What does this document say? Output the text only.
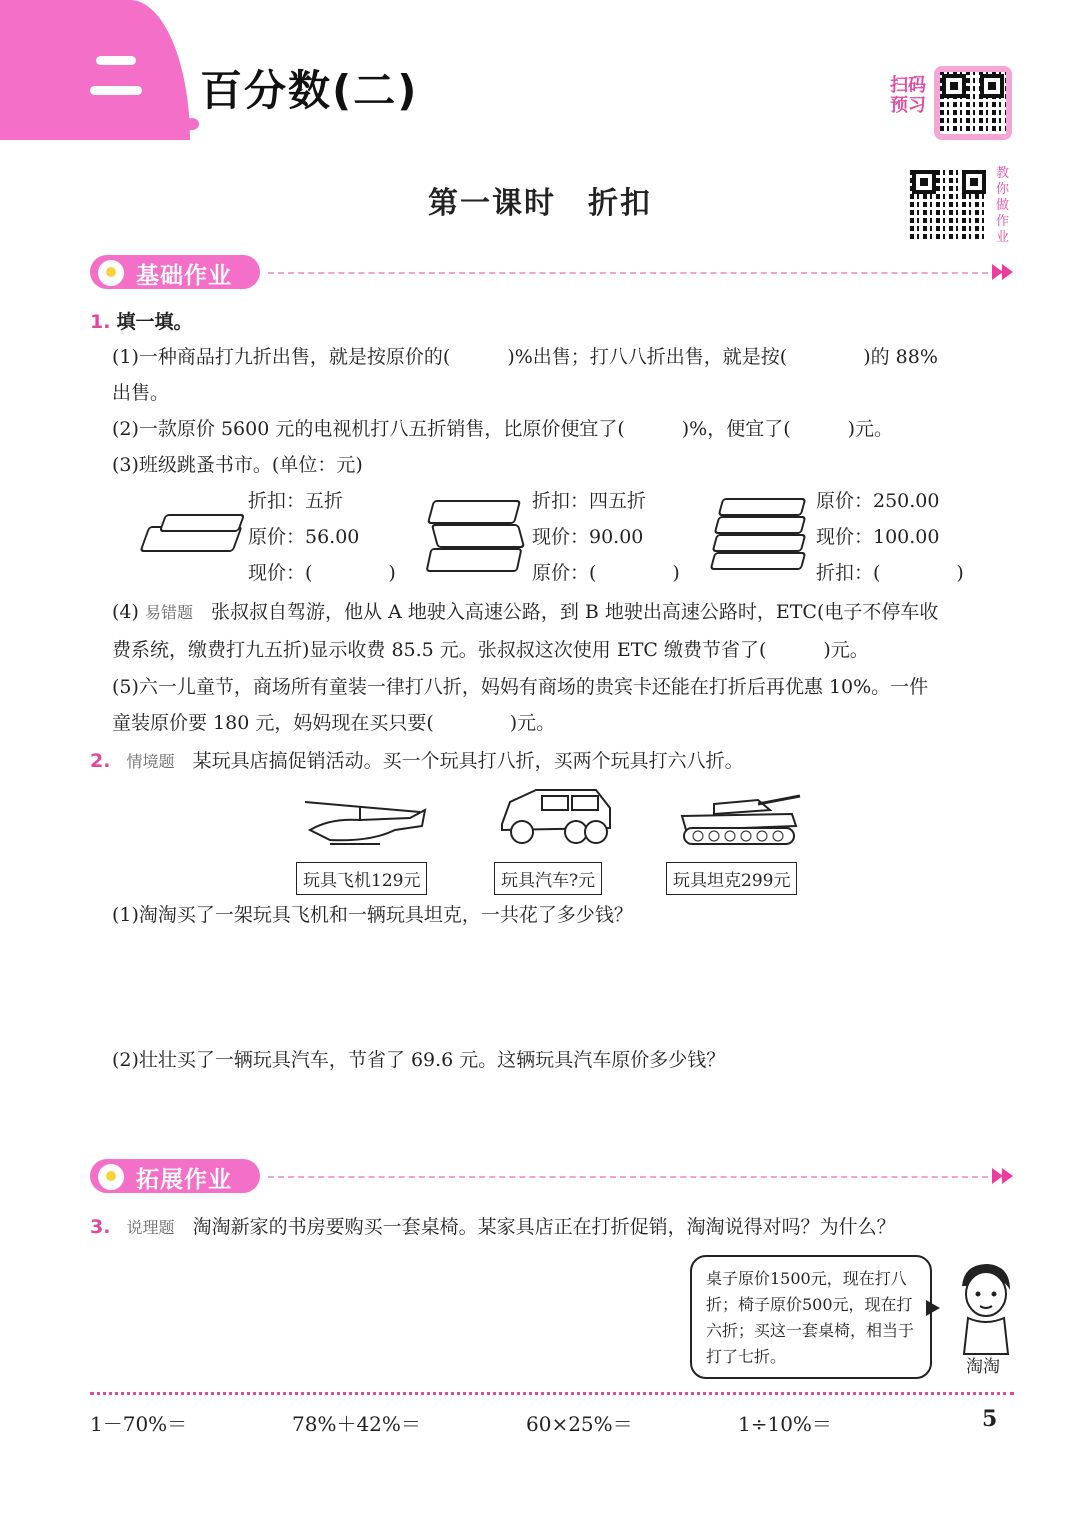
百分数(二)	扫码预习
第一课时　折扣
教你做作业
基础作业
1. 填一填。
(1)一种商品打九折出售，就是按原价的(　　　)%出售；打八八折出售，就是按(　　　　)的 88%
出售。
(2)一款原价 5600 元的电视机打八五折销售，比原价便宜了(　　　)%，便宜了(　　　)元。
(3)班级跳蚤书市。(单位：元)
折扣：五折
原价：56.00
现价：(　　　　)
折扣：四五折
现价：90.00
原价：(　　　　)
原价：250.00
现价：100.00
折扣：(　　　　)
(4) 易错题 张叔叔自驾游，他从 A 地驶入高速公路，到 B 地驶出高速公路时，ETC(电子不停车收
费系统，缴费打九五折)显示收费 85.5 元。张叔叔这次使用 ETC 缴费节省了(　　　)元。
(5)六一儿童节，商场所有童装一律打八折，妈妈有商场的贵宾卡还能在打折后再优惠 10%。一件
童装原价要 180 元，妈妈现在买只要(　　　　)元。
2. 情境题 某玩具店搞促销活动。买一个玩具打八折，买两个玩具打六八折。
玩具飞机129元	玩具汽车?元	玩具坦克299元
(1)淘淘买了一架玩具飞机和一辆玩具坦克，一共花了多少钱？
(2)壮壮买了一辆玩具汽车，节省了 69.6 元。这辆玩具汽车原价多少钱？
拓展作业
3. 说理题 淘淘新家的书房要购买一套桌椅。某家具店正在打折促销，淘淘说得对吗？为什么？
桌子原价1500元，现在打八折；椅子原价500元，现在打六折；买这一套桌椅，相当于打了七折。
淘淘
1－70%＝	78%＋42%＝	60×25%＝	1÷10%＝	5
